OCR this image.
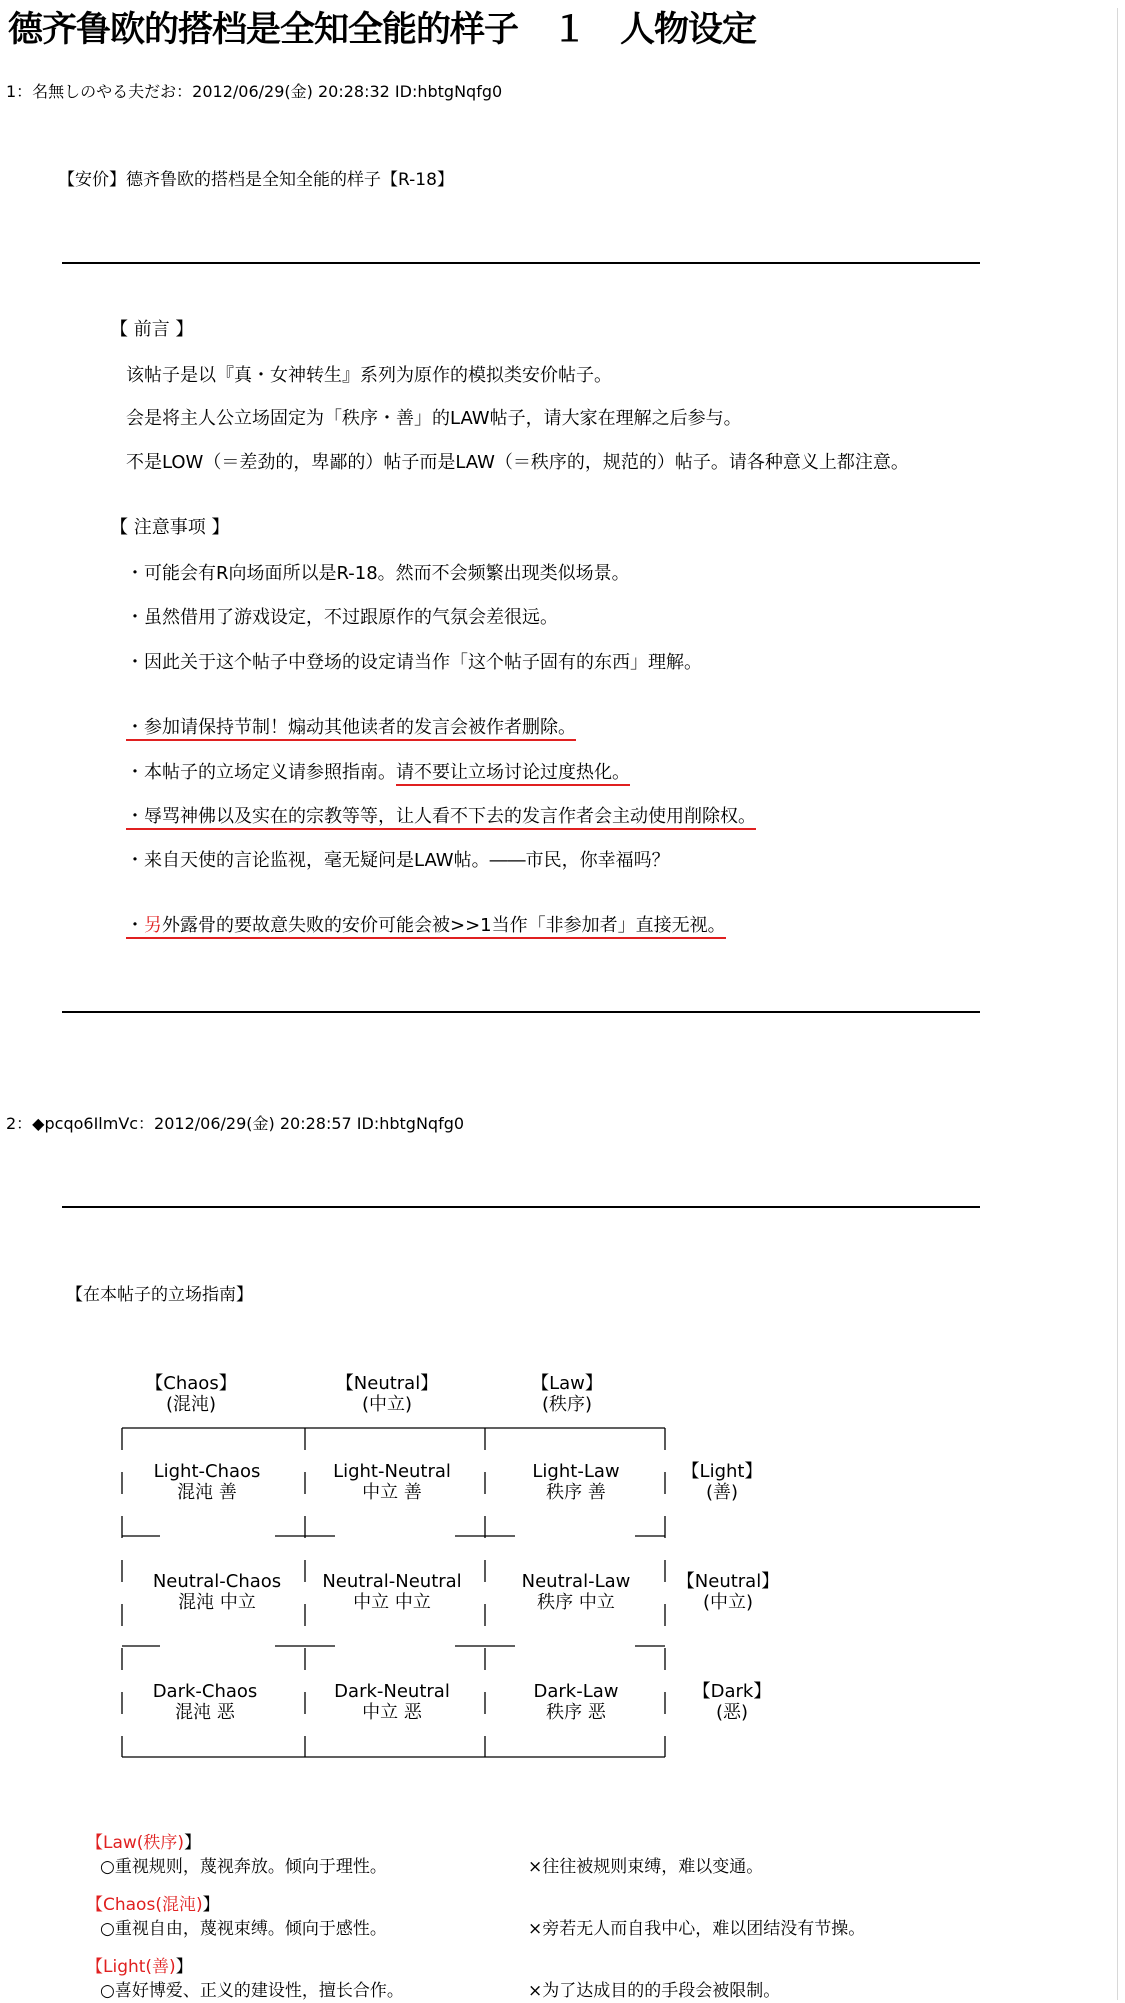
德齐鲁欧的搭档是全知全能的样子　１　人物设定
1：名無しのやる夫だお：2012/06/29(金) 20:28:32 ID:hbtgNqfg0
【安价】德齐鲁欧的搭档是全知全能的样子【R-18】
【 前言 】
该帖子是以『真・女神转生』系列为原作的模拟类安价帖子。
会是将主人公立场固定为「秩序・善」的LAW帖子，请大家在理解之后参与。
不是LOW（＝差劲的，卑鄙的）帖子而是LAW（＝秩序的，规范的）帖子。请各种意义上都注意。
【 注意事项 】
・可能会有R向场面所以是R-18。然而不会频繁出现类似场景。
・虽然借用了游戏设定，不过跟原作的气氛会差很远。
・因此关于这个帖子中登场的设定请当作「这个帖子固有的东西」理解。
・参加请保持节制！煽动其他读者的发言会被作者删除。
・本帖子的立场定义请参照指南。请不要让立场讨论过度热化。
・辱骂神佛以及实在的宗教等等，让人看不下去的发言作者会主动使用削除权。
・来自天使的言论监视，毫无疑问是LAW帖。――市民，你幸福吗？
・另外露骨的要故意失败的安价可能会被>>1当作「非参加者」直接无视。
2：◆pcqo6IlmVc：2012/06/29(金) 20:28:57 ID:hbtgNqfg0
【在本帖子的立场指南】
【Chaos】
(混沌)
【Neutral】
(中立)
【Law】
(秩序)
【Light】
(善)
【Neutral】
(中立)
【Dark】
(恶)
Light-Chaos
混沌 善
Light-Neutral
中立 善
Light-Law
秩序 善
Neutral-Chaos
混沌 中立
Neutral-Neutral
中立 中立
Neutral-Law
秩序 中立
Dark-Chaos
混沌 恶
Dark-Neutral
中立 恶
Dark-Law
秩序 恶
【Law(秩序)】
○重视规则，蔑视奔放。倾向于理性。	×往往被规则束缚，难以变通。
【Chaos(混沌)】
○重视自由，蔑视束缚。倾向于感性。	×旁若无人而自我中心，难以团结没有节操。
【Light(善)】
○喜好博爱、正义的建设性，擅长合作。	×为了达成目的的手段会被限制。
